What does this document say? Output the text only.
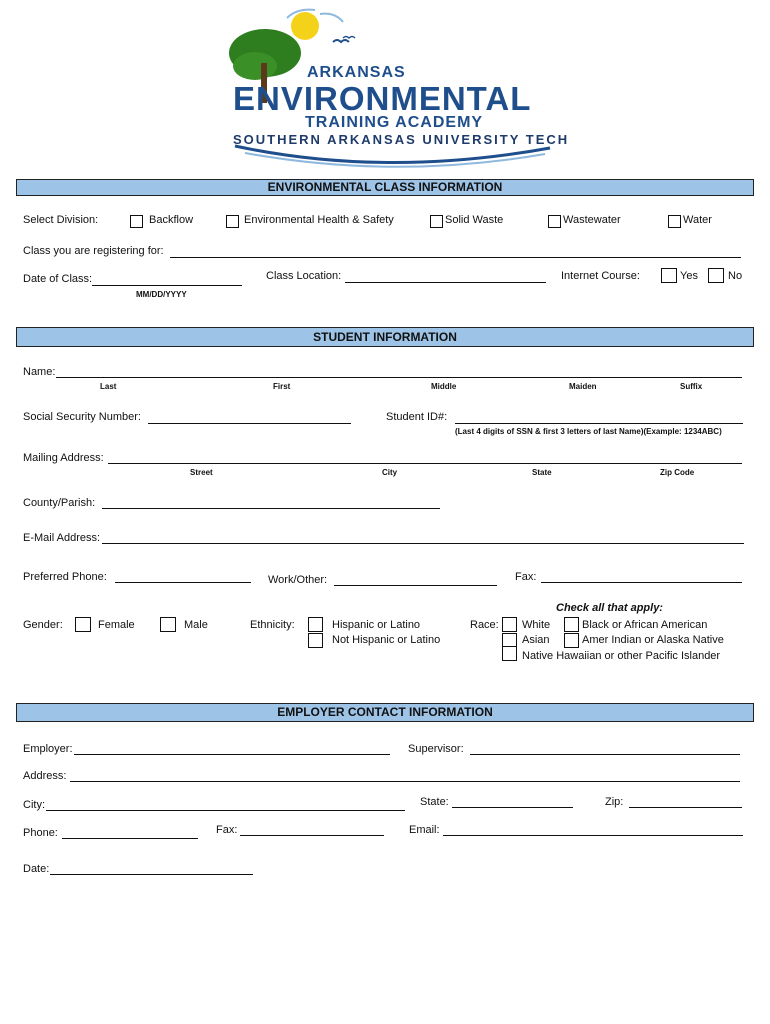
ARKANSAS
ENVIRONMENTAL
TRAINING ACADEMY
SOUTHERN ARKANSAS UNIVERSITY TECH
ENVIRONMENTAL CLASS INFORMATION
Select Division:	Backflow	Environmental Health & Safety	Solid Waste	Wastewater	Water
Class you are registering for:
Date of Class:
MM/DD/YYYY
Class Location:	Internet Course:	Yes	No
STUDENT INFORMATION
Name:
Last	First	Middle	Maiden	Suffix
Social Security Number:	Student ID#:
(Last 4 digits of SSN & first 3 letters of last Name)(Example: 1234ABC)
Mailing Address:
Street	City	State	Zip Code
County/Parish:
E-Mail Address:
Preferred Phone:	Work/Other:	Fax:
Check all that apply:
Gender:	Female	Male	Ethnicity:	Hispanic or Latino
Not Hispanic or Latino
Race: White	Black or African American
Asian	Amer Indian or Alaska Native
Native Hawaiian or other Pacific Islander
EMPLOYER CONTACT INFORMATION
Employer:	Supervisor:
Address:
City:	State:	Zip:
Phone:	Fax:	Email:
Date:
